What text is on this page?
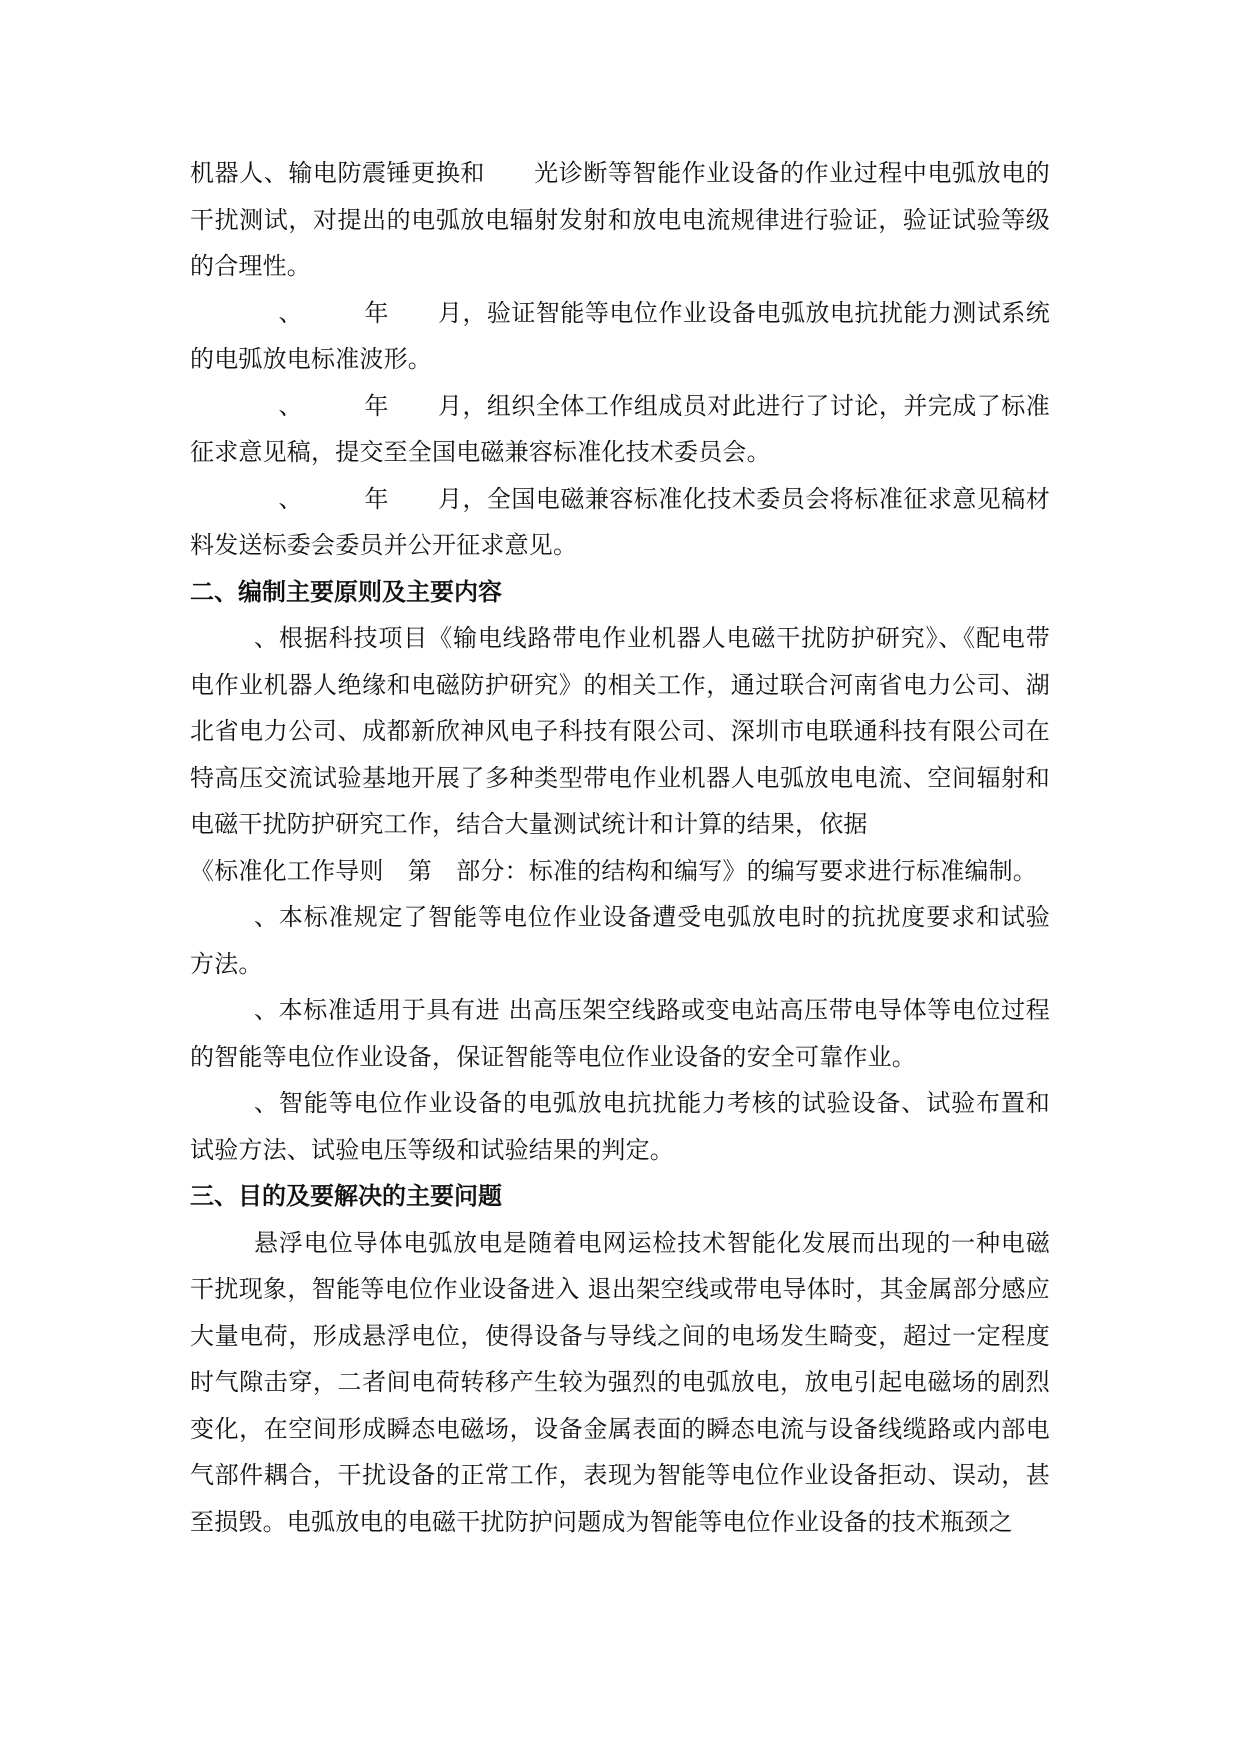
机器人、输电防震锤更换和　　光诊断等智能作业设备的作业过程中电弧放电的干扰测试，对提出的电弧放电辐射发射和放电电流规律进行验证，验证试验等级的合理性。

　、　　　年　　月，验证智能等电位作业设备电弧放电抗扰能力测试系统的电弧放电标准波形。

　、　　　年　　月，组织全体工作组成员对此进行了讨论，并完成了标准征求意见稿，提交至全国电磁兼容标准化技术委员会。

　、　　　年　　月，全国电磁兼容标准化技术委员会将标准征求意见稿材料发送标委会委员并公开征求意见。

二、编制主要原则及主要内容

、根据科技项目《输电线路带电作业机器人电磁干扰防护研究》、《配电带电作业机器人绝缘和电磁防护研究》的相关工作，通过联合河南省电力公司、湖北省电力公司、成都新欣神风电子科技有限公司、深圳市电联通科技有限公司在特高压交流试验基地开展了多种类型带电作业机器人电弧放电电流、空间辐射和电磁干扰防护研究工作，结合大量测试统计和计算的结果，依据

《标准化工作导则　第　部分：标准的结构和编写》的编写要求进行标准编制。

、本标准规定了智能等电位作业设备遭受电弧放电时的抗扰度要求和试验方法。

、本标准适用于具有进 出高压架空线路或变电站高压带电导体等电位过程的智能等电位作业设备，保证智能等电位作业设备的安全可靠作业。

、智能等电位作业设备的电弧放电抗扰能力考核的试验设备、试验布置和试验方法、试验电压等级和试验结果的判定。

三、目的及要解决的主要问题

悬浮电位导体电弧放电是随着电网运检技术智能化发展而出现的一种电磁干扰现象，智能等电位作业设备进入 退出架空线或带电导体时，其金属部分感应大量电荷，形成悬浮电位，使得设备与导线之间的电场发生畸变，超过一定程度时气隙击穿，二者间电荷转移产生较为强烈的电弧放电，放电引起电磁场的剧烈变化，在空间形成瞬态电磁场，设备金属表面的瞬态电流与设备线缆路或内部电气部件耦合，干扰设备的正常工作，表现为智能等电位作业设备拒动、误动，甚至损毁。电弧放电的电磁干扰防护问题成为智能等电位作业设备的技术瓶颈之
